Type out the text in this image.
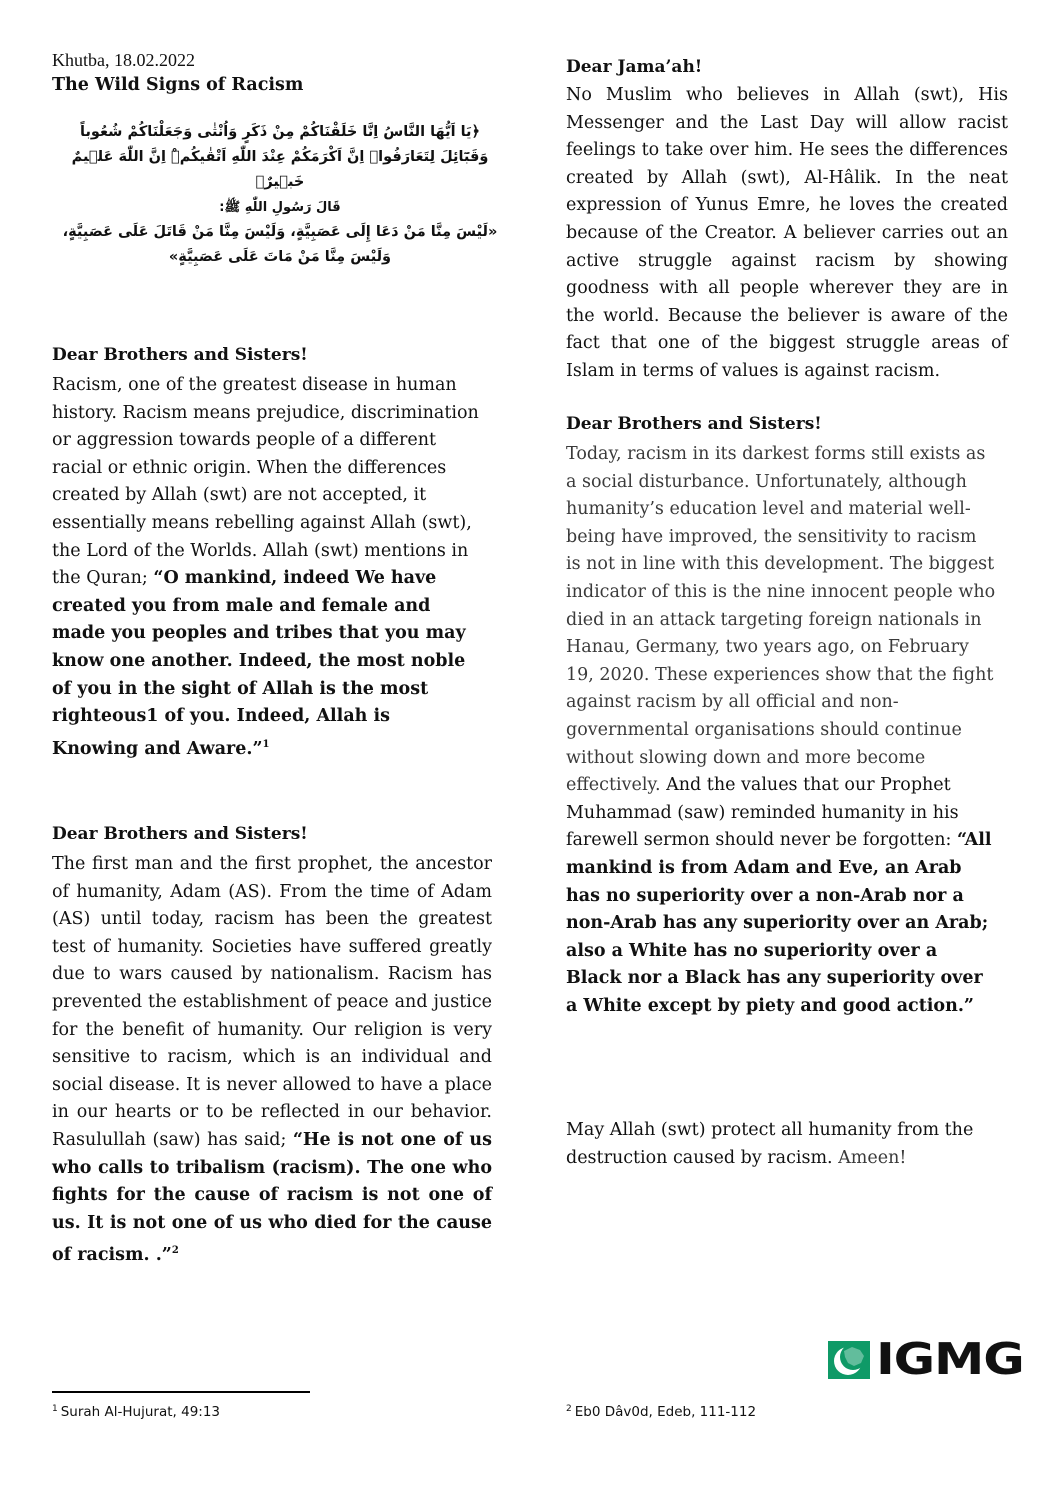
Khutba, 18.02.2022
The Wild Signs of Racism
﴿يَا اَيُّهَا النَّاسُ اِنَّا خَلَقْنَاكُمْ مِنْ ذَكَرٍ وَاُنْثٰى وَجَعَلْنَاكُمْ شُعُوباً
وَقَبَٓائِلَ لِتَعَارَفُواۜ اِنَّ اَكْرَمَكُمْ عِنْدَ اللّٰهِ اَتْقٰيكُمْۜ اِنَّ اللّٰهَ عَلٖيمٌ خَبٖيرٌ﴾
قَالَ رَسُولِ اللّٰهِ ﷺ:
«لَيْسَ مِنَّا مَنْ دَعَا إِلَى عَصَبِيَّةٍ، وَلَيْسَ مِنَّا مَنْ قَاتَلَ عَلَى عَصَبِيَّةٍ،
وَلَيْسَ مِنَّا مَنْ مَاتَ عَلَى عَصَبِيَّةٍ»
Dear Brothers and Sisters!

Racism, one of the greatest disease in human history. Racism means prejudice, discrimination or aggression towards people of a different racial or ethnic origin. When the differences created by Allah (swt) are not accepted, it essentially means rebelling against Allah (swt), the Lord of the Worlds. Allah (swt) mentions in the Quran; “O mankind, indeed We have created you from male and female and made you peoples and tribes that you may know one another. Indeed, the most noble of you in the sight of Allah is the most righteous1 of you. Indeed, Allah is Knowing and Aware.”$^1$

Dear Brothers and Sisters!

The first man and the first prophet, the ancestor of humanity, Adam (AS). From the time of Adam (AS) until today, racism has been the greatest test of humanity. Societies have suffered greatly due to wars caused by nationalism. Racism has prevented the establishment of peace and justice for the benefit of humanity. Our religion is very sensitive to racism, which is an individual and social disease. It is never allowed to have a place in our hearts or to be reflected in our behavior. Rasulullah (saw) has said; “He is not one of us who calls to tribalism (racism). The one who fights for the cause of racism is not one of us. It is not one of us who died for the cause of racism. .”$^2$

Dear Jama’ah!

No Muslim who believes in Allah (swt), His Messenger and the Last Day will allow racist feelings to take over him. He sees the differences created by Allah (swt), Al-Hâlik. In the neat expression of Yunus Emre, he loves the created because of the Creator. A believer carries out an active struggle against racism by showing goodness with all people wherever they are in the world. Because the believer is aware of the fact that one of the biggest struggle areas of Islam in terms of values is against racism.

Dear Brothers and Sisters!

Today, racism in its darkest forms still exists as a social disturbance. Unfortunately, although humanity’s education level and material well-being have improved, the sensitivity to racism is not in line with this development. The biggest indicator of this is the nine innocent people who died in an attack targeting foreign nationals in Hanau, Germany, two years ago, on February 19, 2020. These experiences show that the fight against racism by all official and non-governmental organisations should continue without slowing down and more become effectively. And the values that our Prophet Muhammad (saw) reminded humanity in his farewell sermon should never be forgotten: “All mankind is from Adam and Eve, an Arab has no superiority over a non-Arab nor a non-Arab has any superiority over an Arab; also a White has no superiority over a Black nor a Black has any superiority over a White except by piety and good action.”

May Allah (swt) protect all humanity from the destruction caused by racism. Ameen!

IGMG
$^1$ Surah Al-Hujurat, 49:13	$^2$ Eb0 Dâv0d, Edeb, 111-112
